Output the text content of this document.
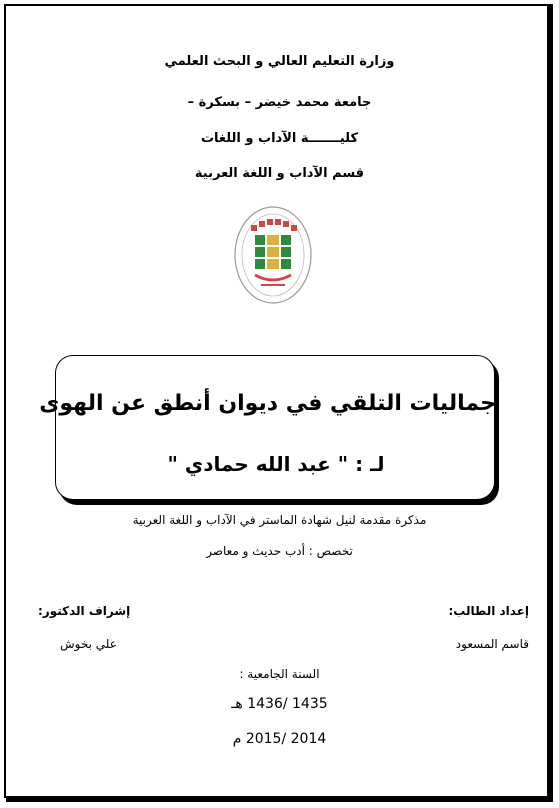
وزارة التعليم العالي و البحث العلمي
جامعة محمد خيضر – بسكرة –
كليـــــــة الآداب و اللغات
قسم الآداب و اللغة العربية
جماليات التلقي في ديوان أنطق عن الهوى
لـ : " عبد الله حمادي "
مذكرة مقدمة لنيل شهادة الماستر في الآداب و اللغة العربية
تخصص : أدب حديث و معاصر
إعداد الطالب:
قاسم المسعود
إشراف الدكتور:
علي بخوش
السنة الجامعية :
1435 /1436 هـ
2014 /2015 م
